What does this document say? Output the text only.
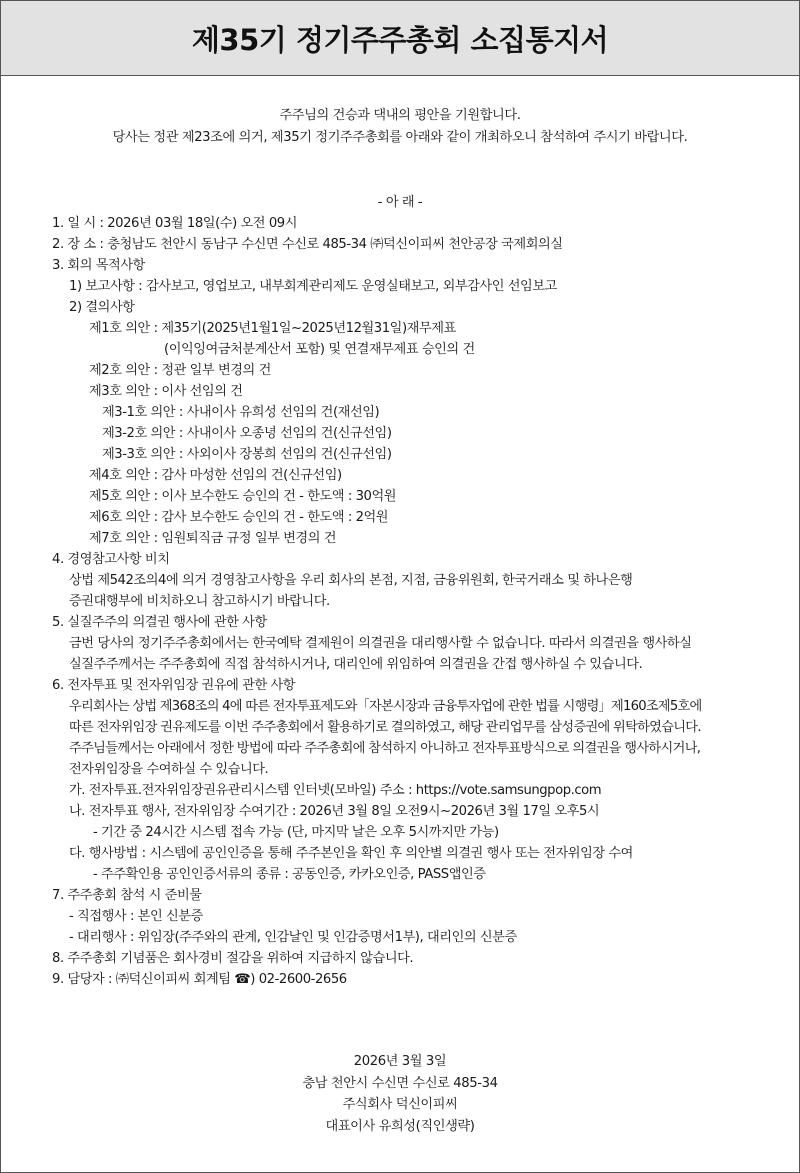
제35기 정기주주총회 소집통지서
주주님의 건승과 댁내의 평안을 기원합니다.
당사는 정관 제23조에 의거, 제35기 정기주주총회를 아래와 같이 개최하오니 참석하여 주시기 바랍니다.
- 아 래 -
1. 일 시 : 2026년 03월 18일(수) 오전 09시
2. 장 소 : 충청남도 천안시 동남구 수신면 수신로 485-34 ㈜덕신이피씨 천안공장 국제회의실
3. 회의 목적사항
1) 보고사항 : 감사보고, 영업보고, 내부회계관리제도 운영실태보고, 외부감사인 선임보고
2) 결의사항
제1호 의안 : 제35기(2025년1월1일~2025년12월31일)재무제표
(이익잉여금처분계산서 포함) 및 연결재무제표 승인의 건
제2호 의안 : 정관 일부 변경의 건
제3호 의안 : 이사 선임의 건
제3-1호 의안 : 사내이사 유희성 선임의 건(재선임)
제3-2호 의안 : 사내이사 오종녕 선임의 건(신규선임)
제3-3호 의안 : 사외이사 장봉희 선임의 건(신규선임)
제4호 의안 : 감사 마성한 선임의 건(신규선임)
제5호 의안 : 이사 보수한도 승인의 건 - 한도액 : 30억원
제6호 의안 : 감사 보수한도 승인의 건 - 한도액 : 2억원
제7호 의안 : 임원퇴직금 규정 일부 변경의 건
4. 경영참고사항 비치
상법 제542조의4에 의거 경영참고사항을 우리 회사의 본점, 지점, 금융위원회, 한국거래소 및 하나은행
증권대행부에 비치하오니 참고하시기 바랍니다.
5. 실질주주의 의결권 행사에 관한 사항
금번 당사의 정기주주총회에서는 한국예탁 결제원이 의결권을 대리행사할 수 없습니다. 따라서 의결권을 행사하실
실질주주께서는 주주총회에 직접 참석하시거나, 대리인에 위임하여 의결권을 간접 행사하실 수 있습니다.
6. 전자투표 및 전자위임장 권유에 관한 사항
우리회사는 상법 제368조의 4에 따른 전자투표제도와「자본시장과 금융투자업에 관한 법률 시행령」제160조제5호에
따른 전자위임장 권유제도를 이번 주주총회에서 활용하기로 결의하였고, 해당 관리업무를 삼성증권에 위탁하였습니다.
주주님들께서는 아래에서 정한 방법에 따라 주주총회에 참석하지 아니하고 전자투표방식으로 의결권을 행사하시거나,
전자위임장을 수여하실 수 있습니다.
가. 전자투표.전자위임장권유관리시스템 인터넷(모바일) 주소 : https://vote.samsungpop.com
나. 전자투표 행사, 전자위임장 수여기간 : 2026년 3월 8일 오전9시~2026년 3월 17일 오후5시
- 기간 중 24시간 시스템 접속 가능 (단, 마지막 날은 오후 5시까지만 가능)
다. 행사방법 : 시스템에 공인인증을 통해 주주본인을 확인 후 의안별 의결권 행사 또는 전자위임장 수여
- 주주확인용 공인인증서류의 종류 : 공동인증, 카카오인증, PASS앱인증
7. 주주총회 참석 시 준비물
- 직접행사 : 본인 신분증
- 대리행사 : 위임장(주주와의 관계, 인감날인 및 인감증명서1부), 대리인의 신분증
8. 주주총회 기념품은 회사경비 절감을 위하여 지급하지 않습니다.
9. 담당자 : ㈜덕신이피씨 회계팀 ☎) 02-2600-2656
2026년 3월 3일
충남 천안시 수신면 수신로 485-34
주식회사 덕신이피씨
대표이사 유희성(직인생략)
